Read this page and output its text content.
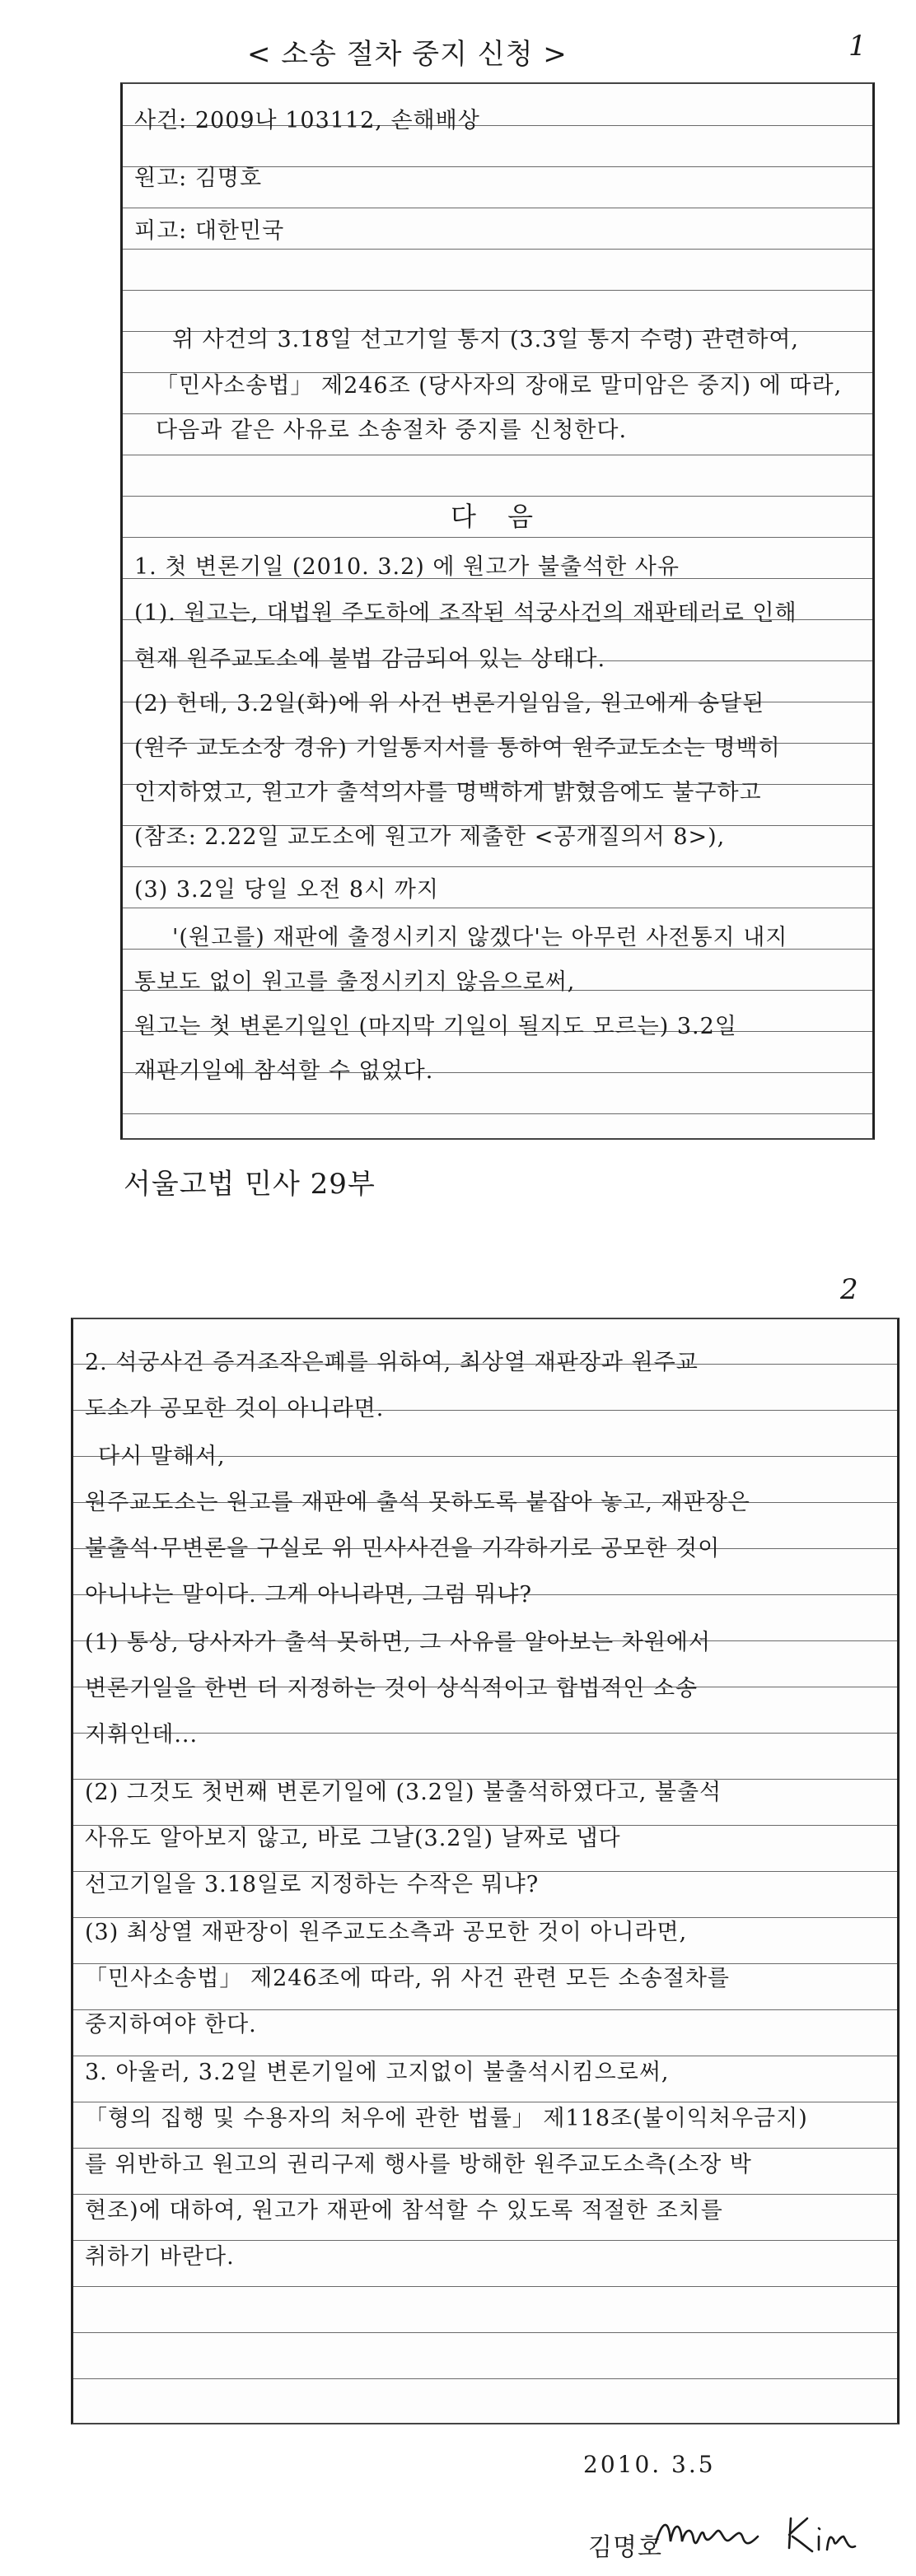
< 소송 절차 중지 신청 >	1
사건: 2009나 103112, 손해배상
원고: 김명호
피고: 대한민국
위 사건의 3.18일 선고기일 통지 (3.3일 통지 수령) 관련하여,
「민사소송법」 제246조 (당사자의 장애로 말미암은 중지) 에 따라,
다음과 같은 사유로 소송절차 중지를 신청한다.
다 음
1. 첫 변론기일 (2010. 3.2) 에 원고가 불출석한 사유
(1). 원고는, 대법원 주도하에 조작된 석궁사건의 재판테러로 인해
현재 원주교도소에 불법 감금되어 있는 상태다.
(2) 헌데, 3.2일(화)에 위 사건 변론기일임을, 원고에게 송달된
(원주 교도소장 경유) 기일통지서를 통하여 원주교도소는 명백히
인지하였고, 원고가 출석의사를 명백하게 밝혔음에도 불구하고
(참조: 2.22일 교도소에 원고가 제출한 <공개질의서 8>),
(3) 3.2일 당일 오전 8시 까지
'(원고를) 재판에 출정시키지 않겠다'는 아무런 사전통지 내지
통보도 없이 원고를 출정시키지 않음으로써,
원고는 첫 변론기일인 (마지막 기일이 될지도 모르는) 3.2일
재판기일에 참석할 수 없었다.
서울고법 민사 29부
2
2. 석궁사건 증거조작은폐를 위하여, 최상열 재판장과 원주교
도소가 공모한 것이 아니라면.
다시 말해서,
원주교도소는 원고를 재판에 출석 못하도록 붙잡아 놓고, 재판장은
불출석·무변론을 구실로 위 민사사건을 기각하기로 공모한 것이
아니냐는 말이다. 그게 아니라면, 그럼 뭐냐?
(1) 통상, 당사자가 출석 못하면, 그 사유를 알아보는 차원에서
변론기일을 한번 더 지정하는 것이 상식적이고 합법적인 소송
지휘인데...
(2) 그것도 첫번째 변론기일에 (3.2일) 불출석하였다고, 불출석
사유도 알아보지 않고, 바로 그날(3.2일) 날짜로 냅다
선고기일을 3.18일로 지정하는 수작은 뭐냐?
(3) 최상열 재판장이 원주교도소측과 공모한 것이 아니라면,
「민사소송법」 제246조에 따라, 위 사건 관련 모든 소송절차를
중지하여야 한다.
3. 아울러, 3.2일 변론기일에 고지없이 불출석시킴으로써,
「형의 집행 및 수용자의 처우에 관한 법률」 제118조(불이익처우금지)
를 위반하고 원고의 권리구제 행사를 방해한 원주교도소측(소장 박
현조)에 대하여, 원고가 재판에 참석할 수 있도록 적절한 조치를
취하기 바란다.
2010. 3.5
김명호
